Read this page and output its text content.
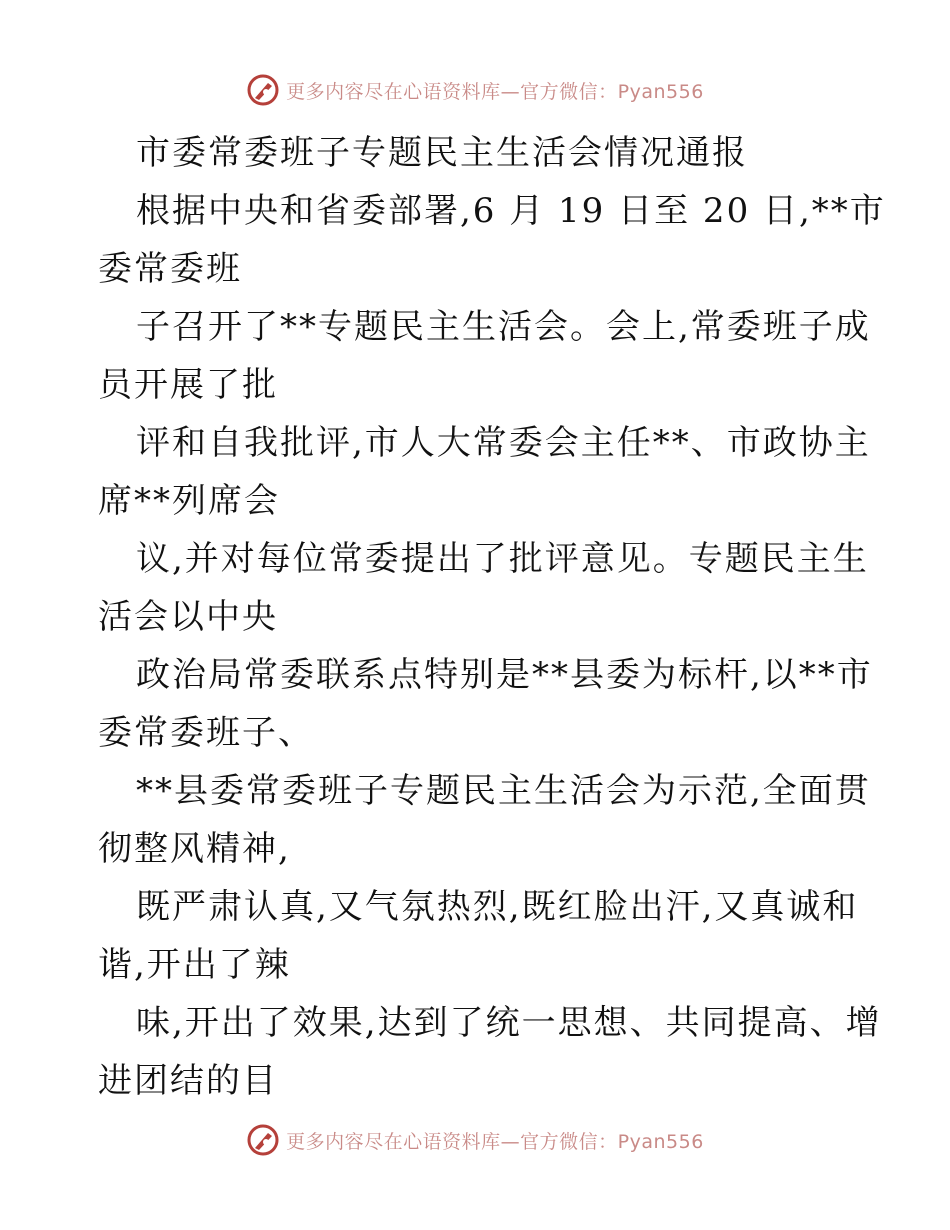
更多内容尽在心语资料库—官方微信：Pyan556
市委常委班子专题民主生活会情况通报
根据中央和省委部署,6 月 19 日至 20 日,**市
委常委班
子召开了**专题民主生活会。会上,常委班子成
员开展了批
评和自我批评,市人大常委会主任**、市政协主
席**列席会
议,并对每位常委提出了批评意见。专题民主生
活会以中央
政治局常委联系点特别是**县委为标杆,以**市
委常委班子、
**县委常委班子专题民主生活会为示范,全面贯
彻整风精神,
既严肃认真,又气氛热烈,既红脸出汗,又真诚和
谐,开出了辣
味,开出了效果,达到了统一思想、共同提高、增
进团结的目
更多内容尽在心语资料库—官方微信：Pyan556
